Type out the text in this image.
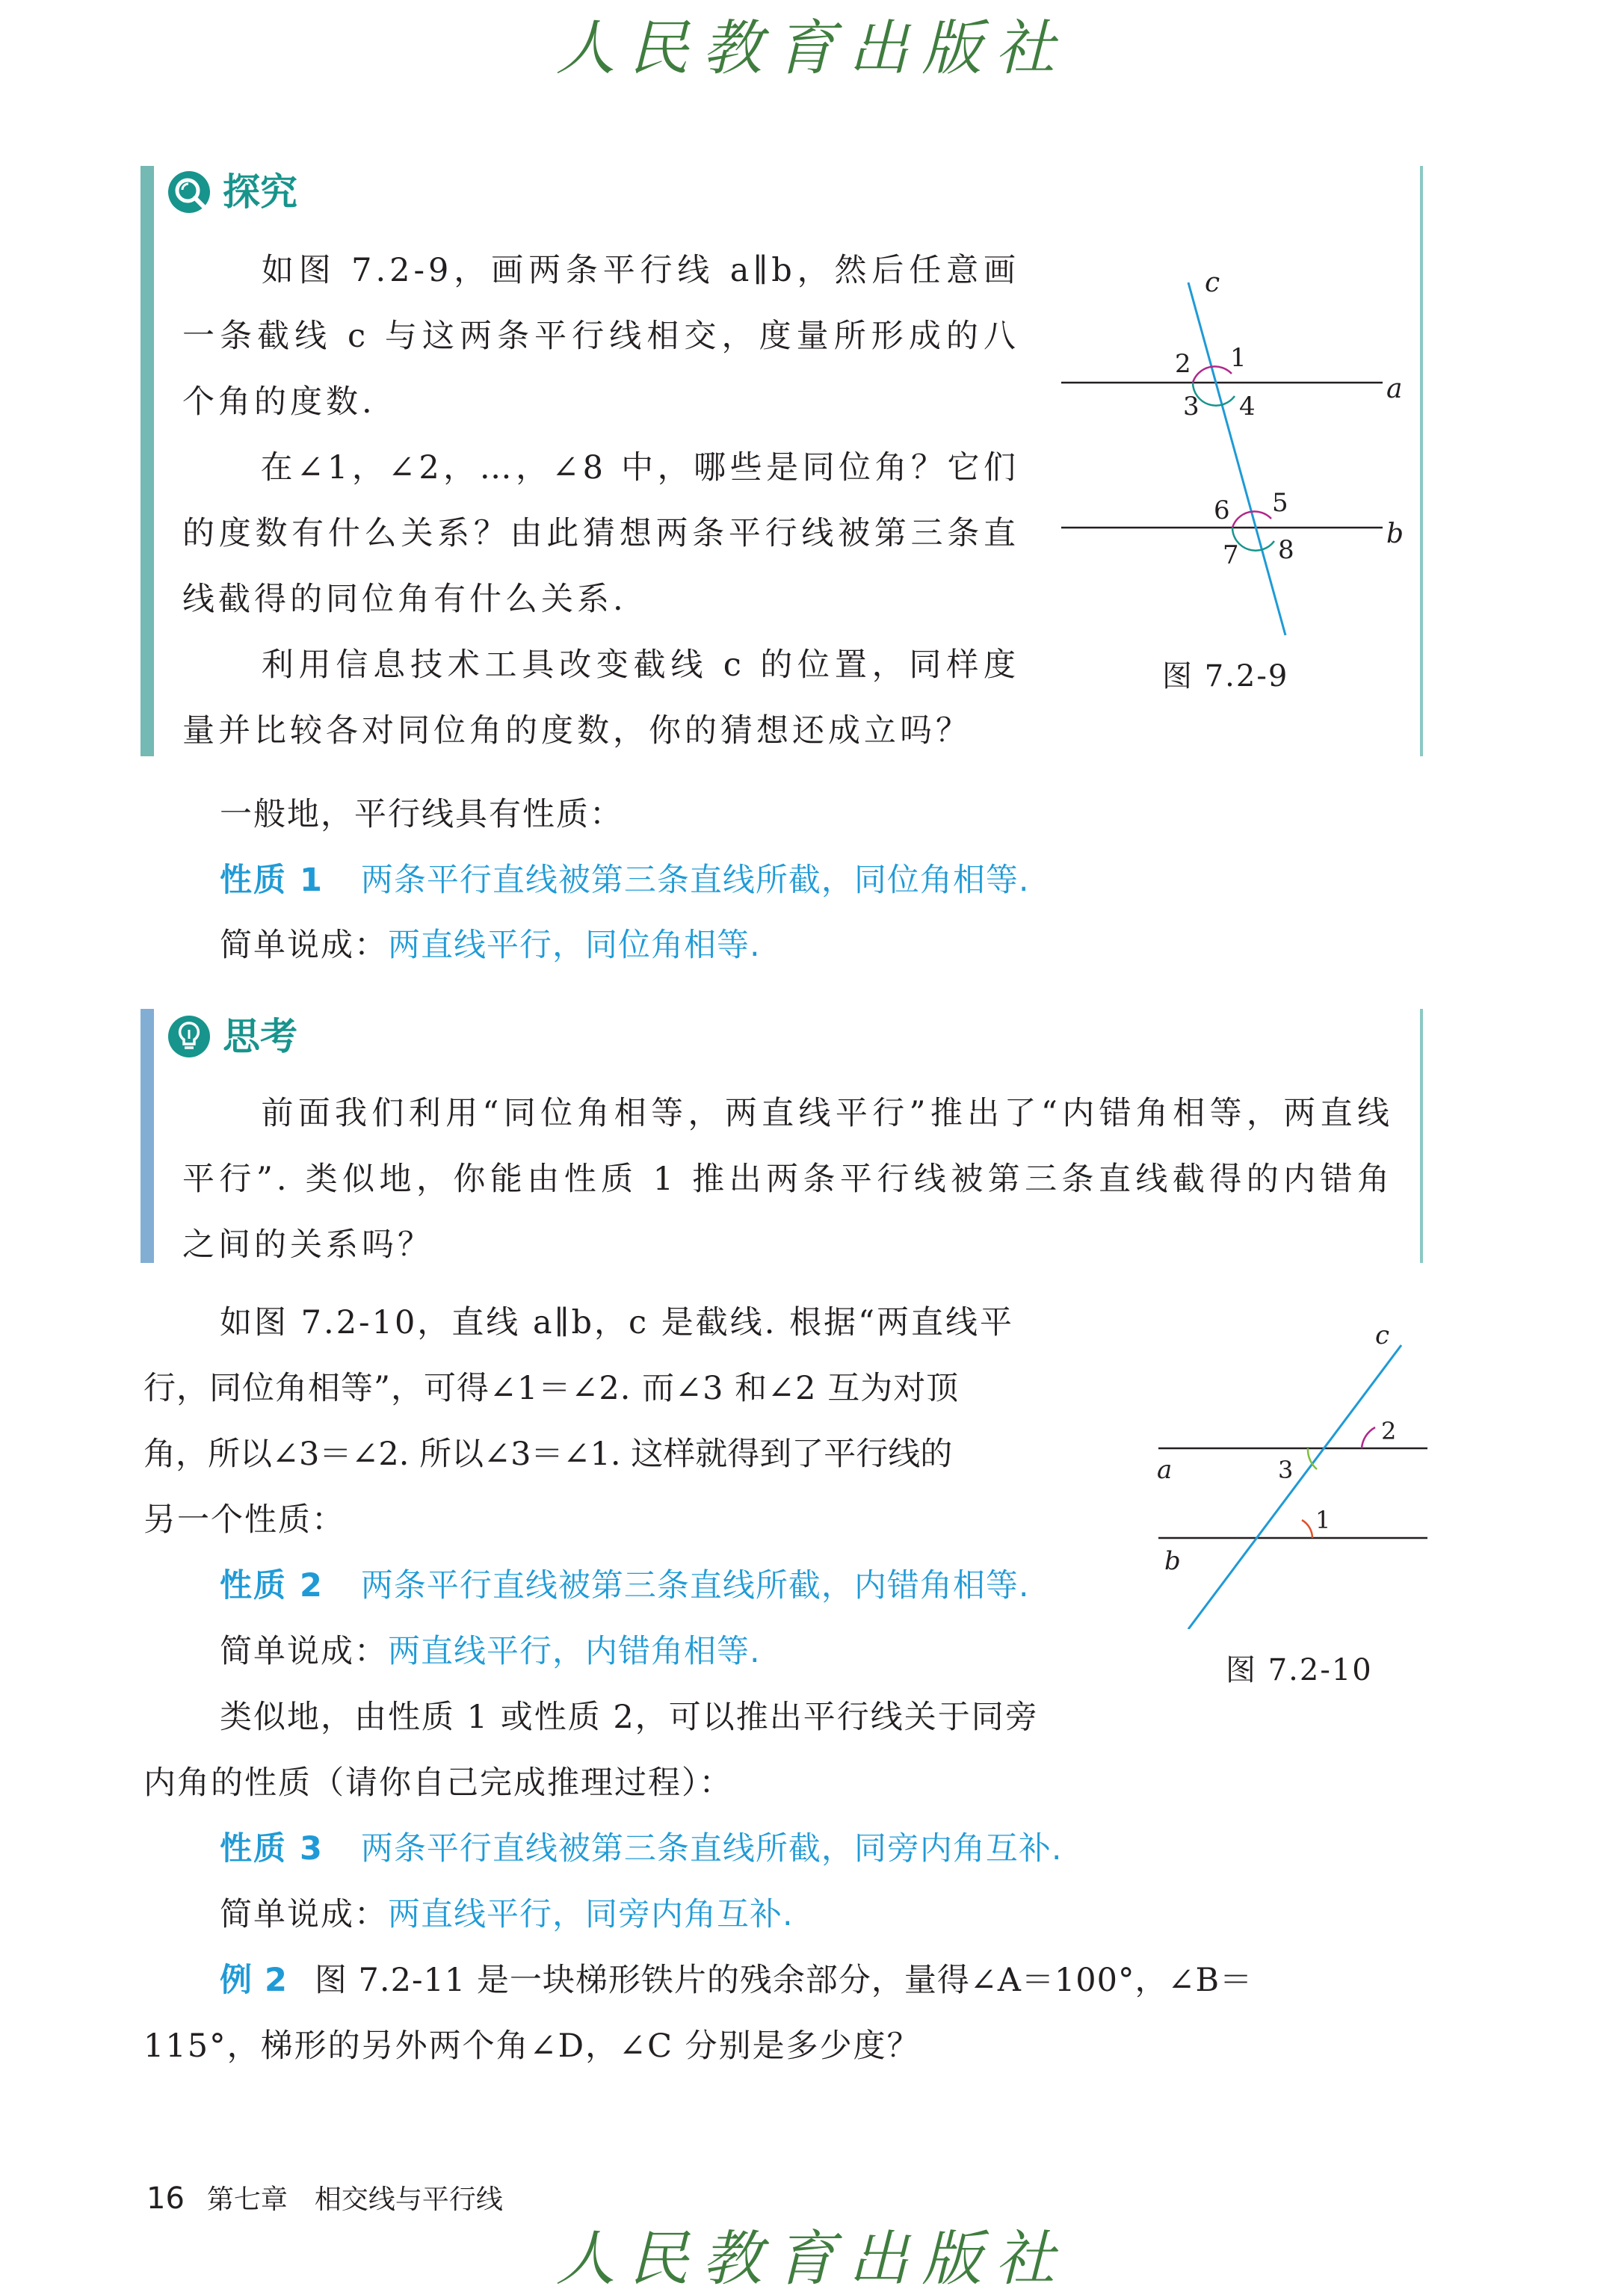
人民教育出版社
探究

如图 7.2-9，画两条平行线 a∥b，然后任意画一条截线 c 与这两条平行线相交，度量所形成的八个角的度数.

在∠1，∠2，…，∠8 中，哪些是同位角？它们的度数有什么关系？由此猜想两条平行线被第三条直线截得的同位角有什么关系.

利用信息技术工具改变截线 c 的位置，同样度量并比较各对同位角的度数，你的猜想还成立吗？

c
a
b
1
2
3 4
5
6
7 8
图 7.2-9
一般地，平行线具有性质：
性质 1 两条平行直线被第三条直线所截，同位角相等.
简单说成：两直线平行，同位角相等.
思考

前面我们利用“同位角相等，两直线平行”推出了“内错角相等，两直线平行”. 类似地，你能由性质 1 推出两条平行线被第三条直线截得的内错角之间的关系吗？

如图 7.2-10，直线 a∥b，c 是截线. 根据“两直线平
行，同位角相等”，可得∠1＝∠2. 而∠3 和∠2 互为对顶
角，所以∠3＝∠2. 所以∠3＝∠1. 这样就得到了平行线的
另一个性质：
性质 2 两条平行直线被第三条直线所截，内错角相等.
简单说成：两直线平行，内错角相等.
类似地，由性质 1 或性质 2，可以推出平行线关于同旁
内角的性质（请你自己完成推理过程）：
性质 3 两条平行直线被第三条直线所截，同旁内角互补.
简单说成：两直线平行，同旁内角互补.
例 2 图 7.2-11 是一块梯形铁片的残余部分，量得∠A＝100°，∠B＝
115°，梯形的另外两个角∠D，∠C 分别是多少度？
c
a
b
1
2
3
图 7.2-10
16 第七章　相交线与平行线
人民教育出版社
